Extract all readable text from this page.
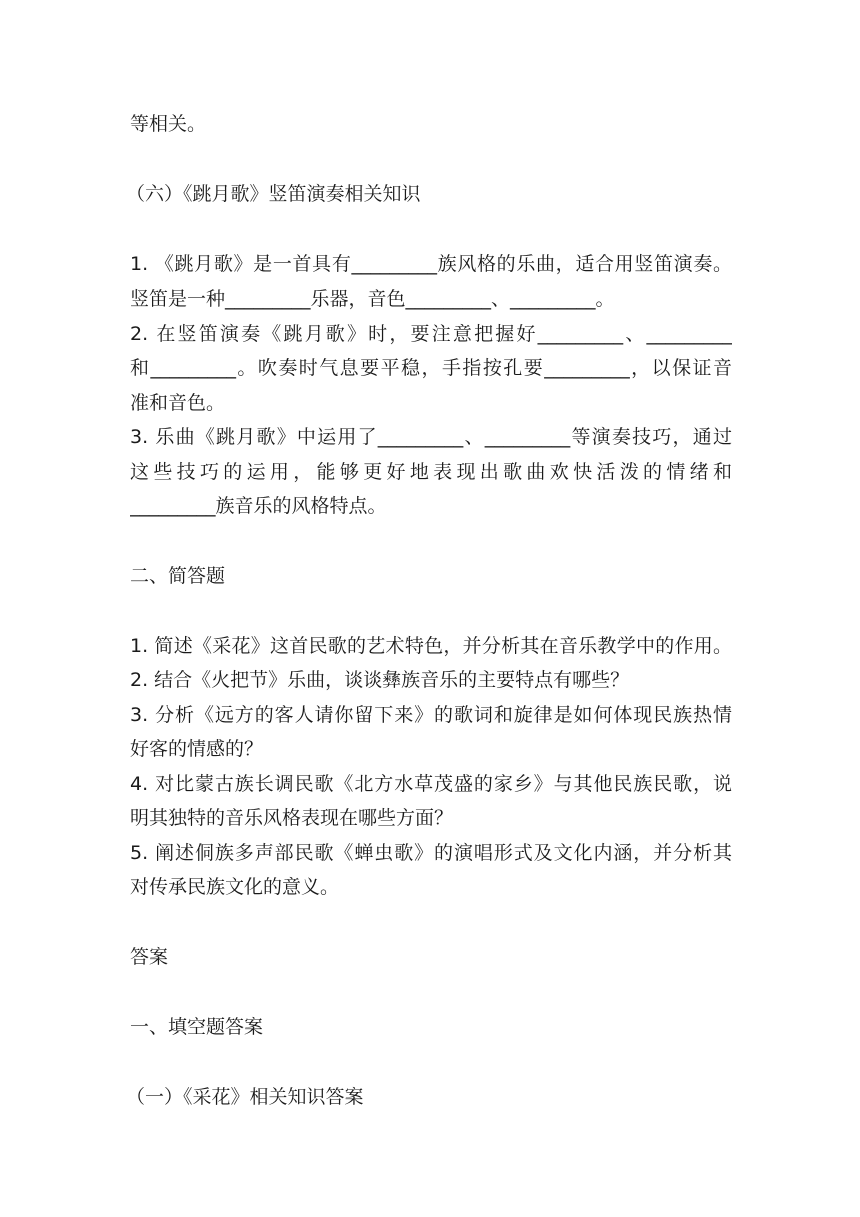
等相关。
（六）《跳月歌》竖笛演奏相关知识
1. 《跳月歌》是一首具有_________族风格的乐曲，适合用竖笛演奏。
竖笛是一种_________乐器，音色_________、_________。
2. 在竖笛演奏《跳月歌》时，要注意把握好_________、_________
和_________。吹奏时气息要平稳，手指按孔要_________，以保证音
准和音色。
3. 乐曲《跳月歌》中运用了_________、_________等演奏技巧，通过
这些技巧的运用，能够更好地表现出歌曲欢快活泼的情绪和
_________族音乐的风格特点。
二、简答题
1. 简述《采花》这首民歌的艺术特色，并分析其在音乐教学中的作用。
2. 结合《火把节》乐曲，谈谈彝族音乐的主要特点有哪些？
3. 分析《远方的客人请你留下来》的歌词和旋律是如何体现民族热情
好客的情感的？
4. 对比蒙古族长调民歌《北方水草茂盛的家乡》与其他民族民歌，说
明其独特的音乐风格表现在哪些方面？
5. 阐述侗族多声部民歌《蝉虫歌》的演唱形式及文化内涵，并分析其
对传承民族文化的意义。
答案
一、填空题答案
（一）《采花》相关知识答案
